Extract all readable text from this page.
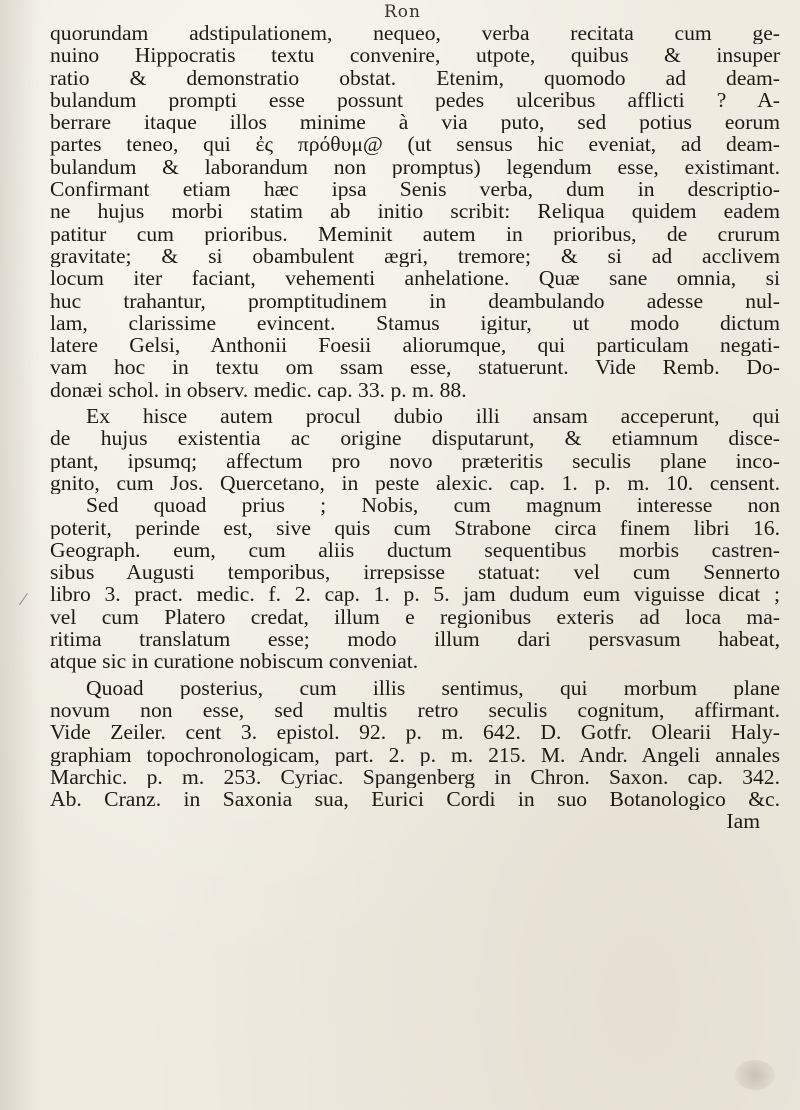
Ron
quorundam adstipulationem, nequeo, verba recitata cum ge-
nuino Hippocratis textu convenire, utpote, quibus & insuper
ratio & demonstratio obstat. Etenim, quomodo ad deam-
bulandum prompti esse possunt pedes ulceribus afflicti ? A-
berrare itaque illos minime à via puto, sed potius eorum
partes teneo, qui ἐς πρόθυμ@ (ut sensus hic eveniat, ad deam-
bulandum & laborandum non promptus) legendum esse, existimant.
Confirmant etiam hæc ipsa Senis verba, dum in descriptio-
ne hujus morbi statim ab initio scribit: Reliqua quidem eadem
patitur cum prioribus. Meminit autem in prioribus, de crurum
gravitate; & si obambulent ægri, tremore; & si ad acclivem
locum iter faciant, vehementi anhelatione. Quæ sane omnia, si
huc trahantur, promptitudinem in deambulando adesse nul-
lam, clarissime evincent. Stamus igitur, ut modo dictum
latere Gelsi, Anthonii Foesii aliorumque, qui particulam negati-
vam hoc in textu om ssam esse, statuerunt. Vide Remb. Do-
donæi schol. in observ. medic. cap. 33. p. m. 88.
Ex hisce autem procul dubio illi ansam acceperunt, qui
de hujus existentia ac origine disputarunt, & etiamnum disce-
ptant, ipsumq; affectum pro novo præteritis seculis plane inco-
gnito, cum Jos. Quercetano, in peste alexic. cap. 1. p. m. 10. censent.
Sed quoad prius ; Nobis, cum magnum interesse non
poterit, perinde est, sive quis cum Strabone circa finem libri 16.
Geograph. eum, cum aliis ductum sequentibus morbis castren-
sibus Augusti temporibus, irrepsisse statuat: vel cum Sennerto
libro 3. pract. medic. f. 2. cap. 1. p. 5. jam dudum eum viguisse dicat ;
vel cum Platero credat, illum e regionibus exteris ad loca ma-
ritima translatum esse; modo illum dari persvasum habeat,
atque sic in curatione nobiscum conveniat.
Quoad posterius, cum illis sentimus, qui morbum plane
novum non esse, sed multis retro seculis cognitum, affirmant.
Vide Zeiler. cent 3. epistol. 92. p. m. 642. D. Gotfr. Olearii Haly-
graphiam topochronologicam, part. 2. p. m. 215. M. Andr. Angeli annales
Marchic. p. m. 253. Cyriac. Spangenberg in Chron. Saxon. cap. 342.
Ab. Cranz. in Saxonia sua, Eurici Cordi in suo Botanologico &c.
Iam
